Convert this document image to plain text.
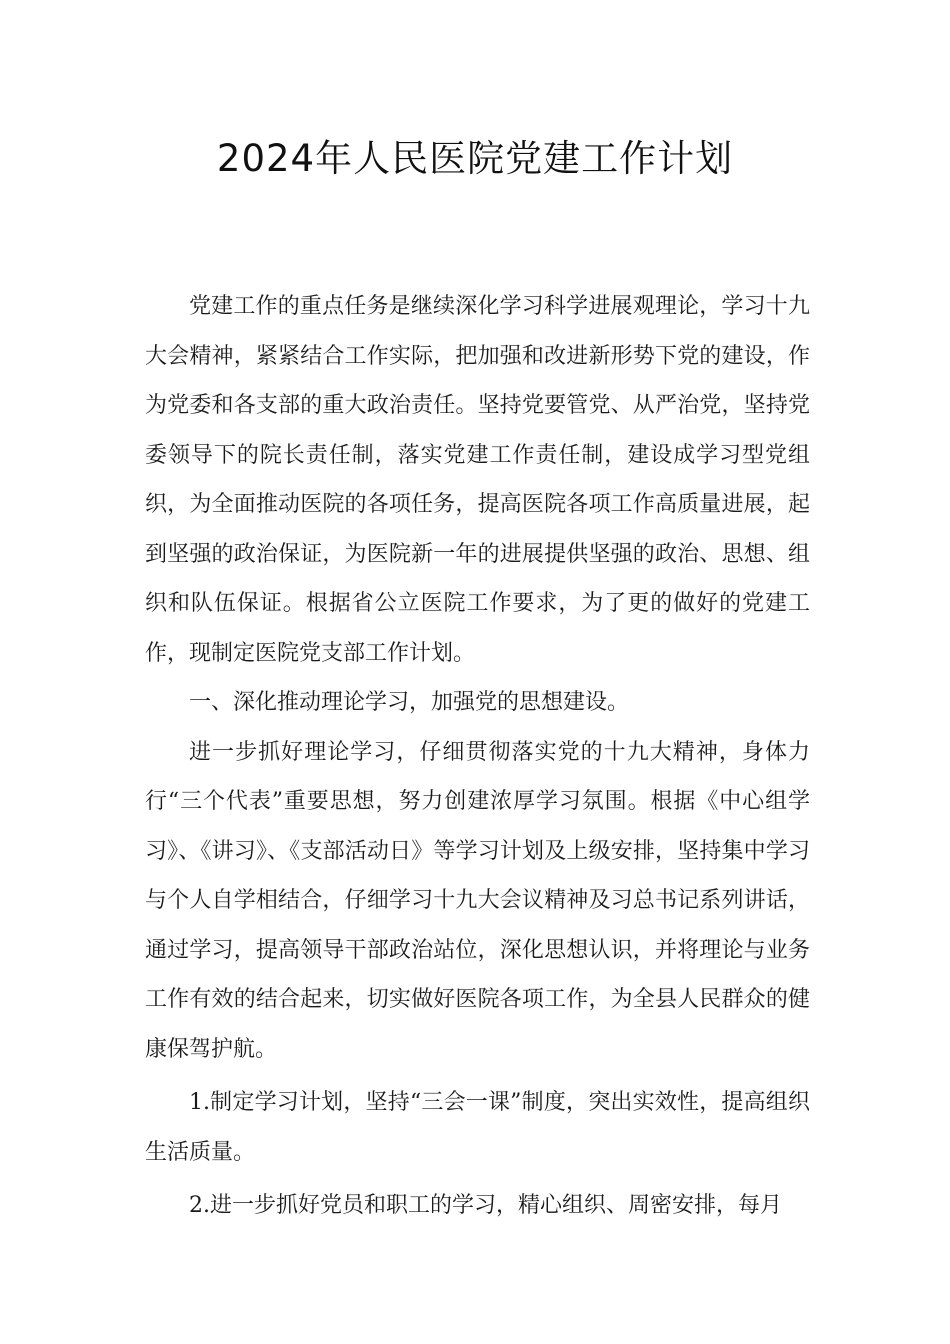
2024年人民医院党建工作计划

党建工作的重点任务是继续深化学习科学进展观理论，学习十九大会精神，紧紧结合工作实际，把加强和改进新形势下党的建设，作为党委和各支部的重大政治责任。坚持党要管党、从严治党，坚持党委领导下的院长责任制，落实党建工作责任制，建设成学习型党组织，为全面推动医院的各项任务，提高医院各项工作高质量进展，起到坚强的政治保证，为医院新一年的进展提供坚强的政治、思想、组织和队伍保证。根据省公立医院工作要求，为了更的做好的党建工作，现制定医院党支部工作计划。

一、深化推动理论学习，加强党的思想建设。

进一步抓好理论学习，仔细贯彻落实党的十九大精神，身体力行“三个代表”重要思想，努力创建浓厚学习氛围。根据《中心组学习》、《讲习》、《支部活动日》等学习计划及上级安排，坚持集中学习与个人自学相结合，仔细学习十九大会议精神及习总书记系列讲话，通过学习，提高领导干部政治站位，深化思想认识，并将理论与业务工作有效的结合起来，切实做好医院各项工作，为全县人民群众的健康保驾护航。

1.制定学习计划，坚持“三会一课”制度，突出实效性，提高组织生活质量。

2.进一步抓好党员和职工的学习，精心组织、周密安排，每月
